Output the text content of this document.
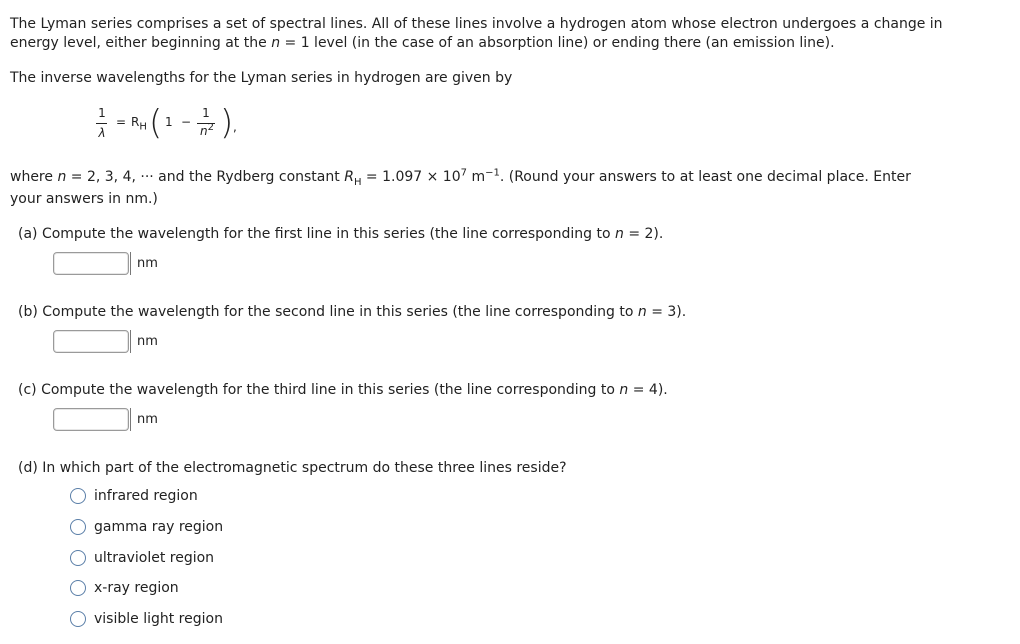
The Lyman series comprises a set of spectral lines. All of these lines involve a hydrogen atom whose electron undergoes a change in
energy level, either beginning at the n = 1 level (in the case of an absorption line) or ending there (an emission line).
The inverse wavelengths for the Lyman series in hydrogen are given by
1
λ
= $R_H$ ( 1 −
1
$n^2$ ) ,
where n = 2, 3, 4, ··· and the Rydberg constant $R_H = 1.097 \times 10^7$ $m^{-1}$. (Round your answers to at least one decimal place. Enter
your answers in nm.)
(a) Compute the wavelength for the first line in this series (the line corresponding to n = 2).
nm
(b) Compute the wavelength for the second line in this series (the line corresponding to n = 3).
nm
(c) Compute the wavelength for the third line in this series (the line corresponding to n = 4).
nm
(d) In which part of the electromagnetic spectrum do these three lines reside?
infrared region
gamma ray region
ultraviolet region
x-ray region
visible light region
